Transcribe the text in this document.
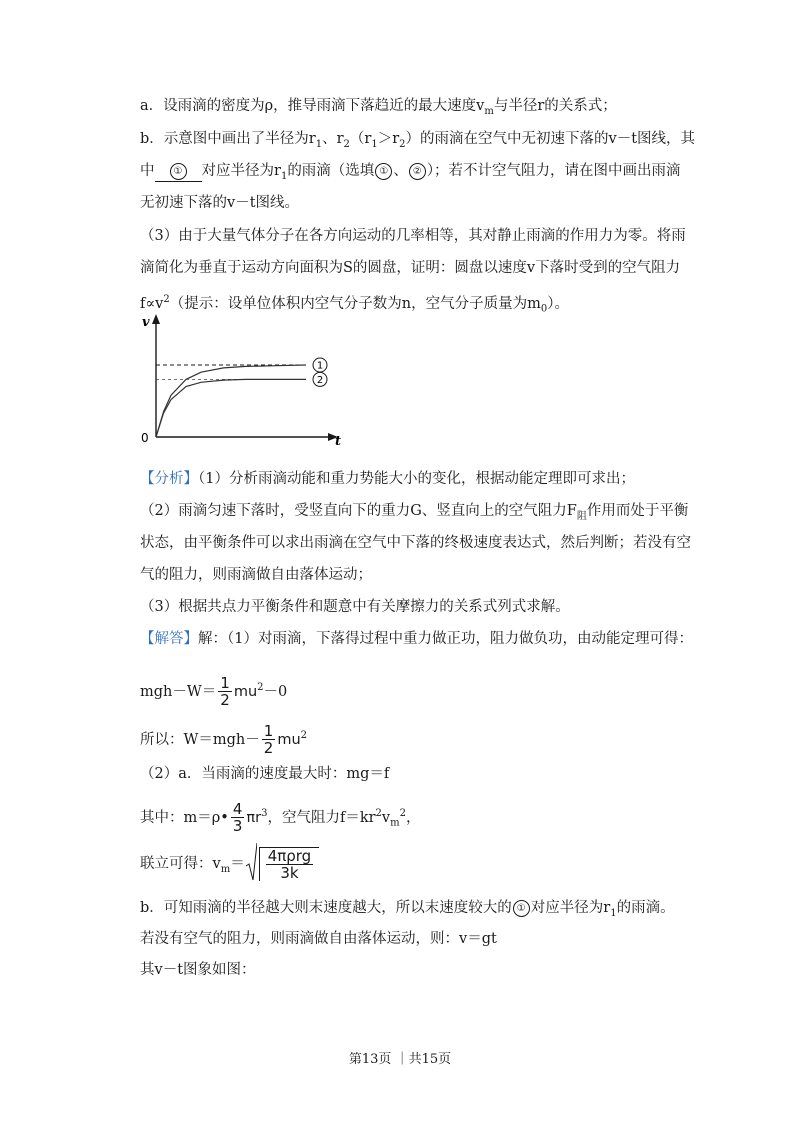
a．设雨滴的密度为ρ，推导雨滴下落趋近的最大速度$v_m$与半径r的关系式；
b．示意图中画出了半径为$r_1$、$r_2(r_1>r_2)$的雨滴在空气中无初速下落的v－t图线，其
中 ① 对应半径为$r_1$的雨滴（选填 ① 、 ② ）；若不计空气阻力，请在图中画出雨滴
无初速下落的v－t图线。
（3）由于大量气体分子在各方向运动的几率相等，其对静止雨滴的作用力为零。将雨
滴简化为垂直于运动方向面积为S的圆盘，证明：圆盘以速度v下落时受到的空气阻力
$f\propto v^2$（提示：设单位体积内空气分子数为n，空气分子质量为$m_0$）。
v
t
0
1
2
【分析】（1）分析雨滴动能和重力势能大小的变化，根据动能定理即可求出；
（2）雨滴匀速下落时，受竖直向下的重力G、竖直向上的空气阻力$F_阻$作用而处于平衡
状态，由平衡条件可以求出雨滴在空气中下落的终极速度表达式，然后判断；若没有空
气的阻力，则雨滴做自由落体运动；
（3）根据共点力平衡条件和题意中有关摩擦力的关系式列式求解。
【解答】解：（1）对雨滴，下落得过程中重力做正功，阻力做负功，由动能定理可得：
$mgh-W= \frac{1}{2} mu^2-0$
所以：$W=mgh- \frac{1}{2} mu^2$
（2）a．当雨滴的速度最大时：mg＝f
其中：m＝ρ• $\frac{4}{3} \pi r^3$，空气阻力$f=kr^2v_m^2$，
联立可得：$v_m= \frac{\text{4πρrg}}{3k}$
b．可知雨滴的半径越大则末速度越大，所以末速度较大的 ① 对应半径为$r_1$的雨滴。
若没有空气的阻力，则雨滴做自由落体运动，则：v＝gt
其v－t图象如图：
第13页 ｜共15页
